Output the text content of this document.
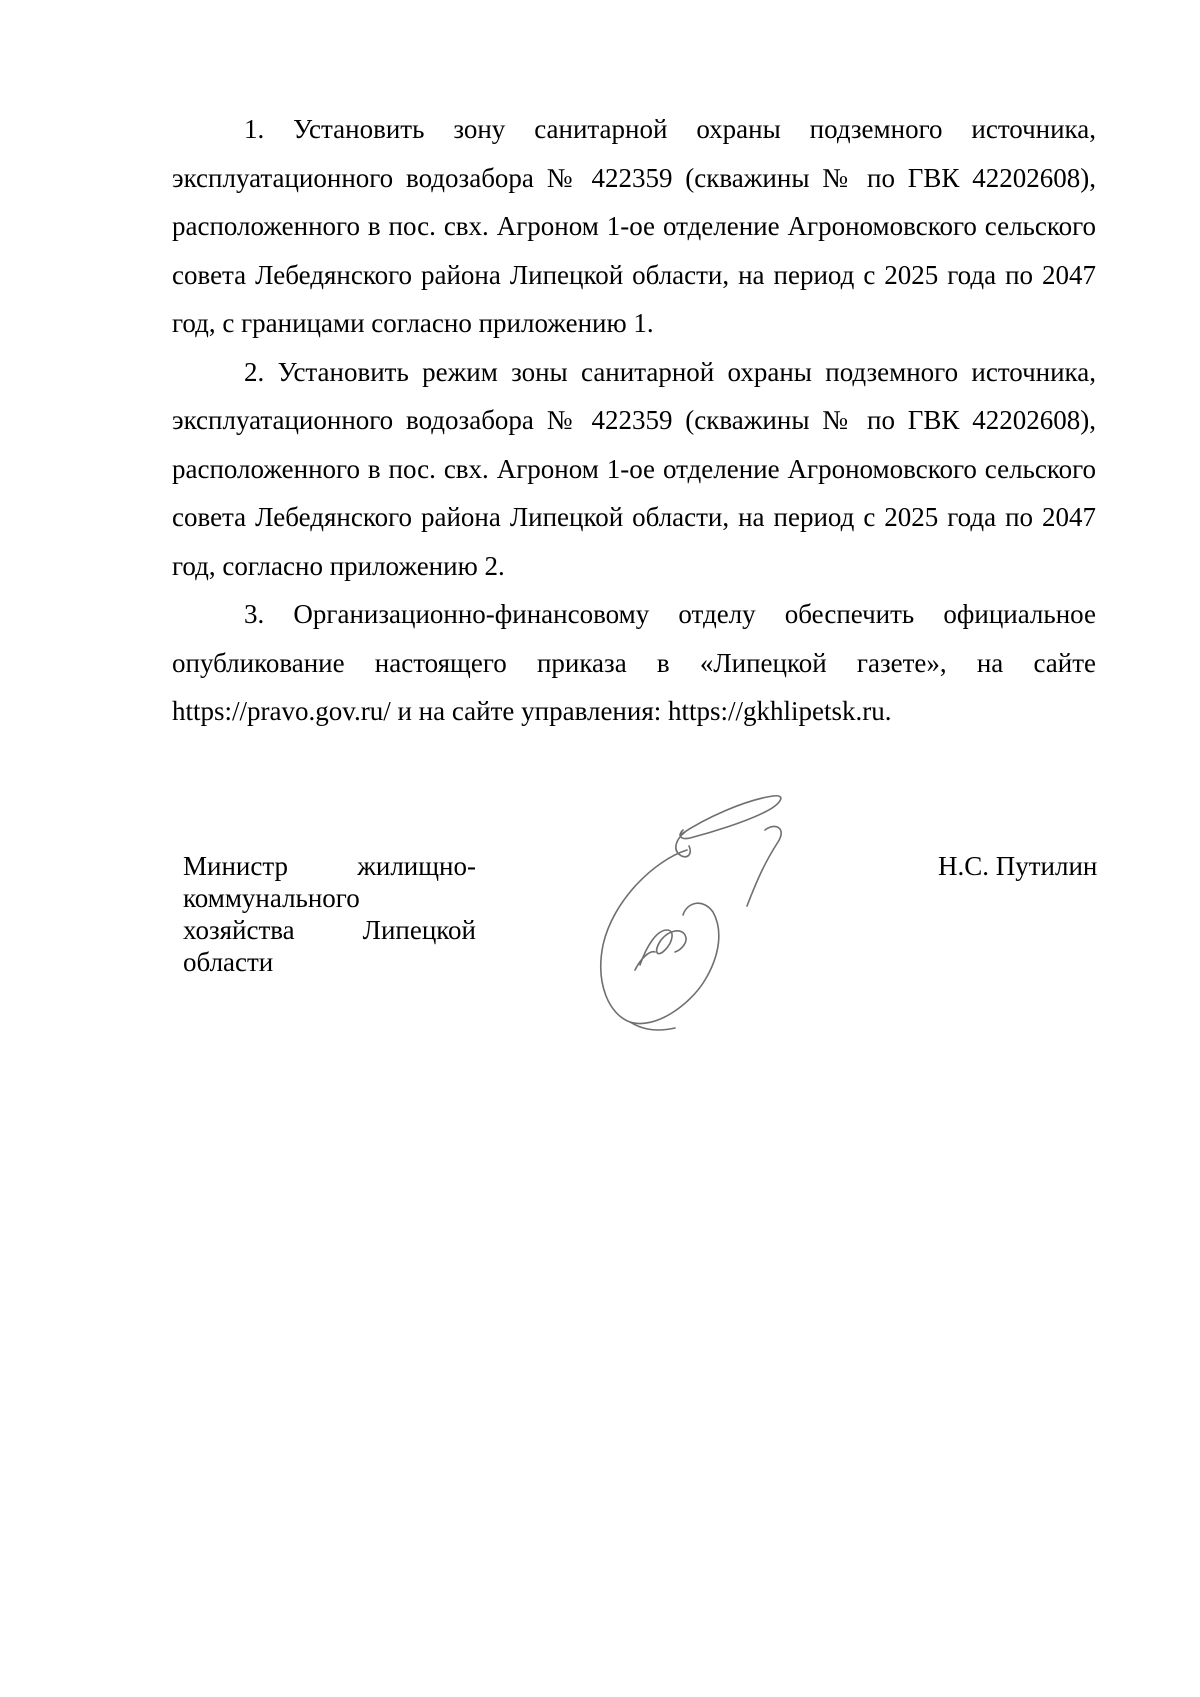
1. Установить зону санитарной охраны подземного источника, эксплуатационного водозабора № 422359 (скважины № по ГВК 42202608), расположенного в пос. свх. Агроном 1-ое отделение Агрономовского сельского совета Лебедянского района Липецкой области, на период с 2025 года по 2047 год, с границами согласно приложению 1.

2. Установить режим зоны санитарной охраны подземного источника, эксплуатационного водозабора № 422359 (скважины № по ГВК 42202608), расположенного в пос. свх. Агроном 1-ое отделение Агрономовского сельского совета Лебедянского района Липецкой области, на период с 2025 года по 2047 год, согласно приложению 2.

3. Организационно-финансовому отделу обеспечить официальное опубликование настоящего приказа в «Липецкой газете», на сайте https://pravo.gov.ru/ и на сайте управления: https://gkhlipetsk.ru.

Министр жилищно-коммунального хозяйства Липецкой области
Н.С. Путилин
